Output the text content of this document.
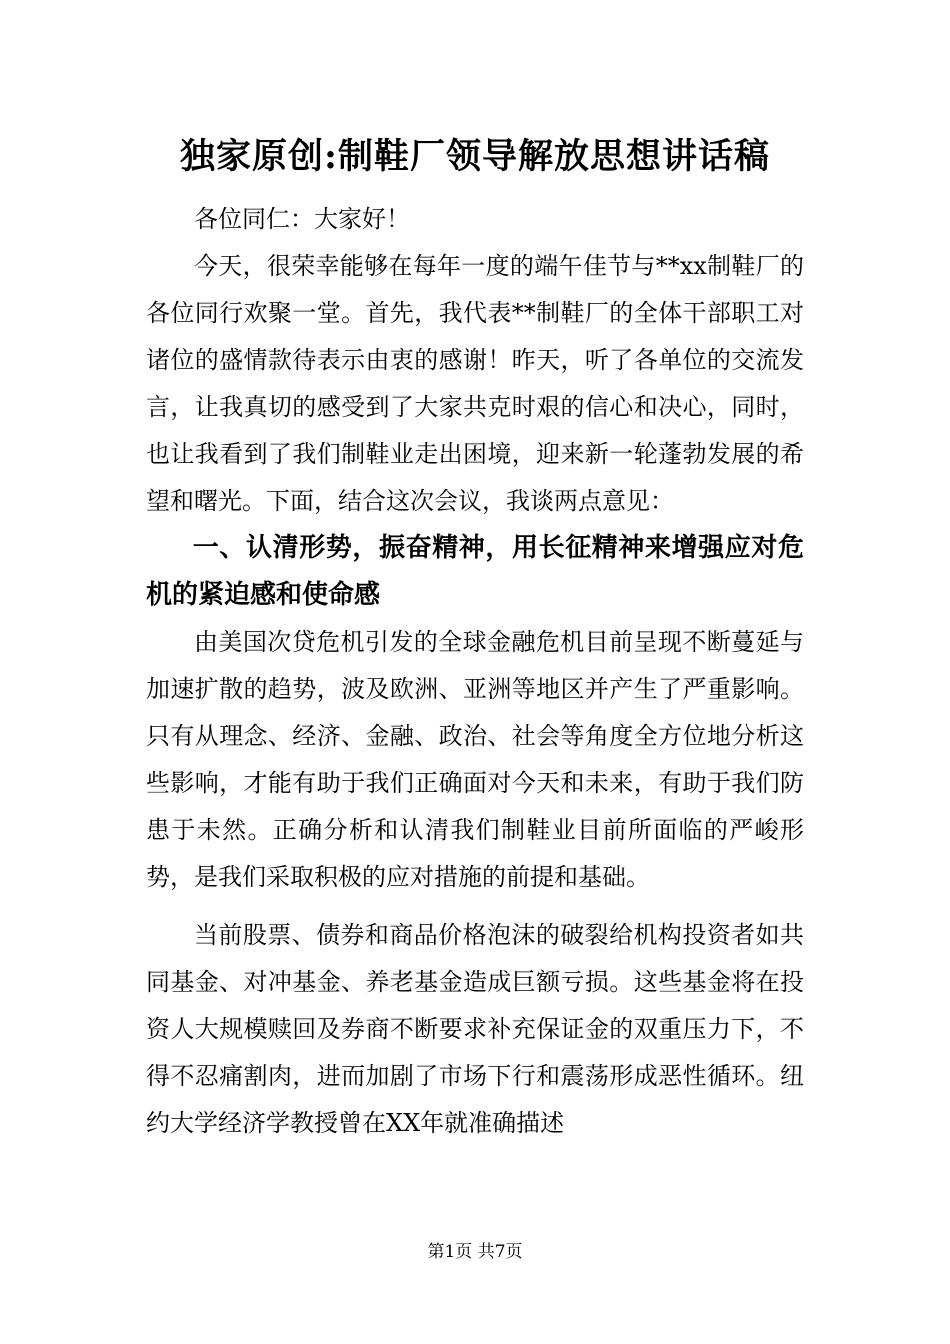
独家原创:制鞋厂领导解放思想讲话稿

各位同仁：大家好！

今天，很荣幸能够在每年一度的端午佳节与**xx制鞋厂的各位同行欢聚一堂。首先，我代表**制鞋厂的全体干部职工对诸位的盛情款待表示由衷的感谢！昨天，听了各单位的交流发言，让我真切的感受到了大家共克时艰的信心和决心，同时，也让我看到了我们制鞋业走出困境，迎来新一轮蓬勃发展的希望和曙光。下面，结合这次会议，我谈两点意见：

一、认清形势，振奋精神，用长征精神来增强应对危机的紧迫感和使命感

由美国次贷危机引发的全球金融危机目前呈现不断蔓延与加速扩散的趋势，波及欧洲、亚洲等地区并产生了严重影响。只有从理念、经济、金融、政治、社会等角度全方位地分析这些影响，才能有助于我们正确面对今天和未来，有助于我们防患于未然。正确分析和认清我们制鞋业目前所面临的严峻形势，是我们采取积极的应对措施的前提和基础。

当前股票、债券和商品价格泡沫的破裂给机构投资者如共同基金、对冲基金、养老基金造成巨额亏损。这些基金将在投资人大规模赎回及券商不断要求补充保证金的双重压力下，不得不忍痛割肉，进而加剧了市场下行和震荡形成恶性循环。纽约大学经济学教授曾在XX年就准确描述

第1页 共7页
